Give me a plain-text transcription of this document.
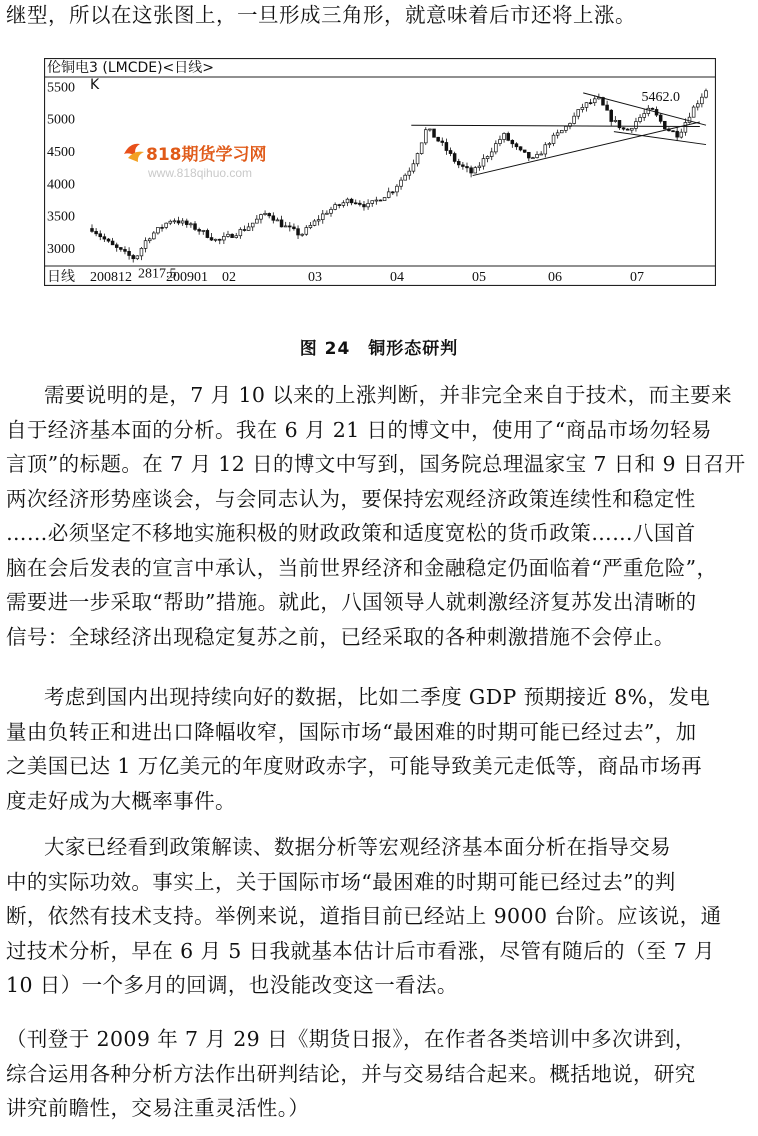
继型，所以在这张图上，一旦形成三角形，就意味着后市还将上涨。
伦铜电3 (LMCDE)<日线>
K
5500
5000
4500
4000
3500
3000
818期货学习网
www.818qihuo.com
2817.5
5462.0
日线 200812 200901 02	03	04	05	06	07
图 24 铜形态研判
需要说明的是，7 月 10 以来的上涨判断，并非完全来自于技术，而主要来
自于经济基本面的分析。我在 6 月 21 日的博文中，使用了“商品市场勿轻易
言顶”的标题。在 7 月 12 日的博文中写到，国务院总理温家宝 7 日和 9 日召开
两次经济形势座谈会，与会同志认为，要保持宏观经济政策连续性和稳定性
……必须坚定不移地实施积极的财政政策和适度宽松的货币政策……八国首
脑在会后发表的宣言中承认，当前世界经济和金融稳定仍面临着“严重危险”，
需要进一步采取“帮助”措施。就此，八国领导人就刺激经济复苏发出清晰的
信号：全球经济出现稳定复苏之前，已经采取的各种刺激措施不会停止。
考虑到国内出现持续向好的数据，比如二季度 GDP 预期接近 8%，发电
量由负转正和进出口降幅收窄，国际市场“最困难的时期可能已经过去”，加
之美国已达 1 万亿美元的年度财政赤字，可能导致美元走低等，商品市场再
度走好成为大概率事件。
大家已经看到政策解读、数据分析等宏观经济基本面分析在指导交易
中的实际功效。事实上，关于国际市场“最困难的时期可能已经过去”的判
断，依然有技术支持。举例来说，道指目前已经站上 9000 台阶。应该说，通
过技术分析，早在 6 月 5 日我就基本估计后市看涨，尽管有随后的（至 7 月
10 日）一个多月的回调，也没能改变这一看法。
（刊登于 2009 年 7 月 29 日《期货日报》，在作者各类培训中多次讲到，
综合运用各种分析方法作出研判结论，并与交易结合起来。概括地说，研究
讲究前瞻性，交易注重灵活性。）
